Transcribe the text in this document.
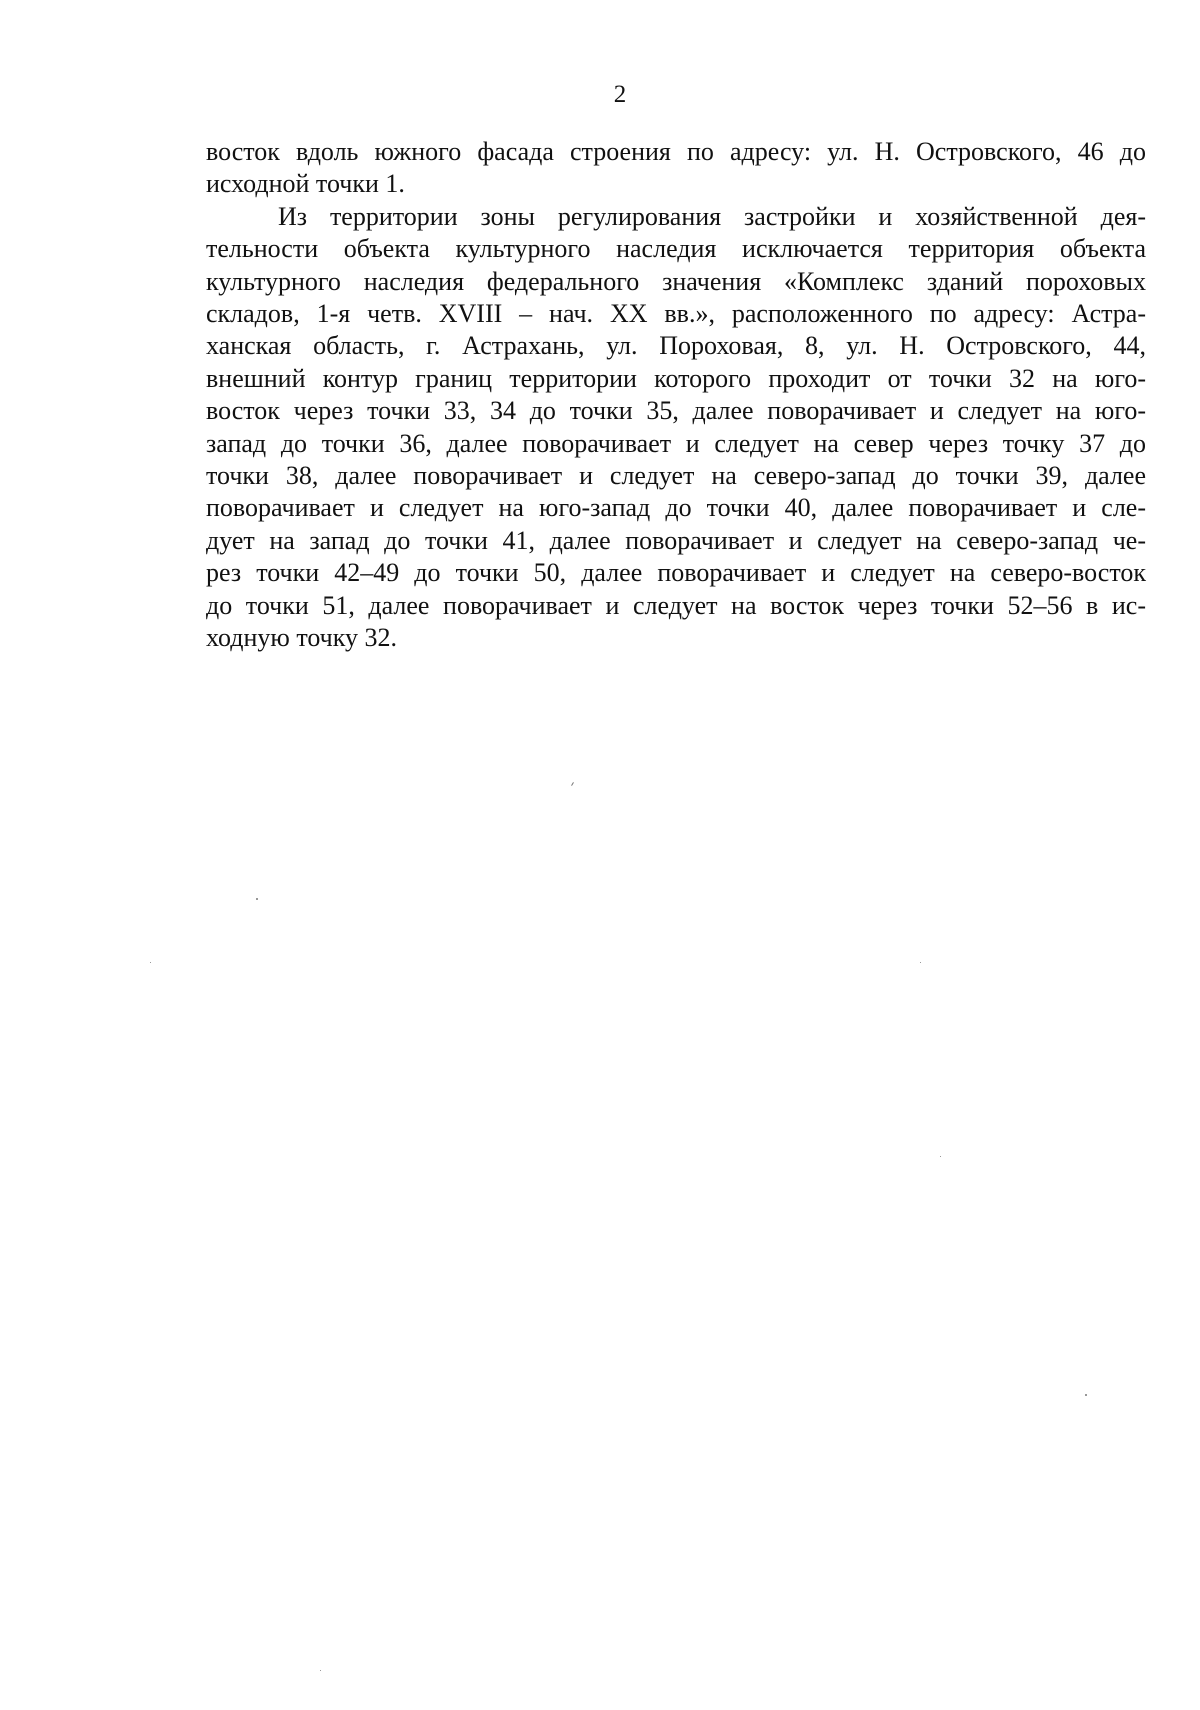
2
восток вдоль южного фасада строения по адресу: ул. Н. Островского, 46 до
исходной точки 1.
Из территории зоны регулирования застройки и хозяйственной дея-
тельности объекта культурного наследия исключается территория объекта
культурного наследия федерального значения «Комплекс зданий пороховых
складов, 1-я четв. XVIII – нач. XX вв.», расположенного по адресу: Астра-
ханская область, г. Астрахань, ул. Пороховая, 8, ул. Н. Островского, 44,
внешний контур границ территории которого проходит от точки 32 на юго-
восток через точки 33, 34 до точки 35, далее поворачивает и следует на юго-
запад до точки 36, далее поворачивает и следует на север через точку 37 до
точки 38, далее поворачивает и следует на северо-запад до точки 39, далее
поворачивает и следует на юго-запад до точки 40, далее поворачивает и сле-
дует на запад до точки 41, далее поворачивает и следует на северо-запад че-
рез точки 42–49 до точки 50, далее поворачивает и следует на северо-восток
до точки 51, далее поворачивает и следует на восток через точки 52–56 в ис-
ходную точку 32.
